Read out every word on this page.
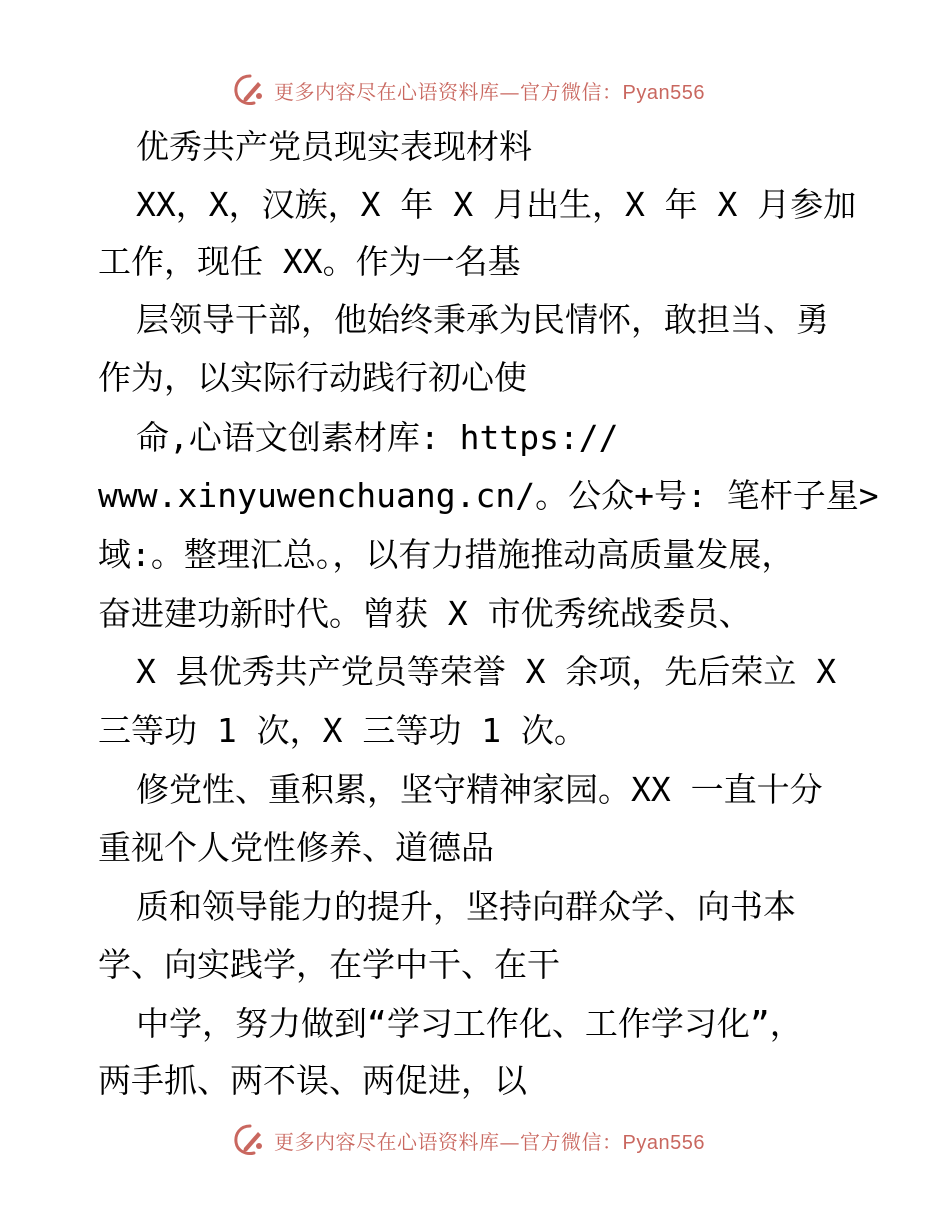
更多内容尽在心语资料库—官方微信：Pyan556
优秀共产党员现实表现材料
XX，X，汉族，X 年 X 月出生，X 年 X 月参加
工作，现任 XX。作为一名基
层领导干部，他始终秉承为民情怀，敢担当、勇
作为，以实际行动践行初心使
命,心语文创素材库: https://
www.xinyuwenchuang.cn/。公众+号: 笔杆子星>
域:。整理汇总。，以有力措施推动高质量发展，
奋进建功新时代。曾获 X 市优秀统战委员、
X 县优秀共产党员等荣誉 X 余项，先后荣立 X
三等功 1 次，X 三等功 1 次。
修党性、重积累，坚守精神家园。XX 一直十分
重视个人党性修养、道德品
质和领导能力的提升，坚持向群众学、向书本
学、向实践学，在学中干、在干
中学，努力做到“学习工作化、工作学习化”，
两手抓、两不误、两促进，以
更多内容尽在心语资料库—官方微信：Pyan556
